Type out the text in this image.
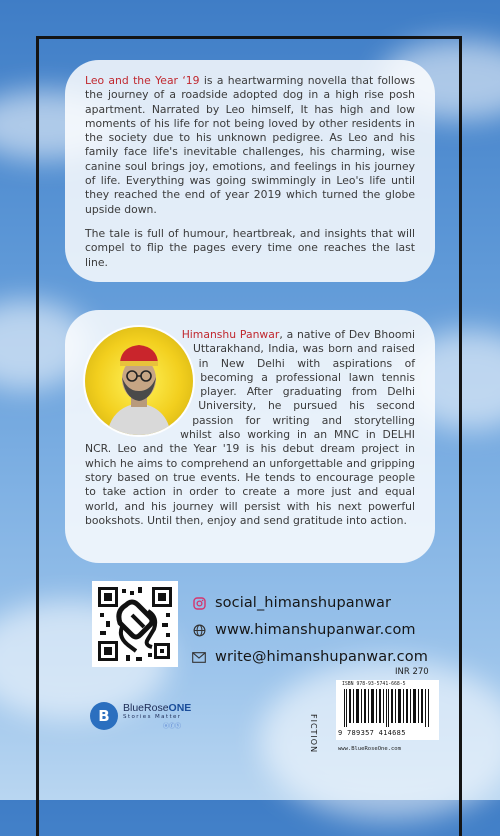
Leo and the Year ‘19 is a heartwarming novella that follows the journey of a roadside adopted dog in a high rise posh apartment. Narrated by Leo himself, It has high and low moments of his life for not being loved by other residents in the society due to his unknown pedigree. As Leo and his family face life's inevitable challenges, his charming, wise canine soul brings joy, emotions, and feelings in his journey of life. Everything was going swimmingly in Leo's life until they reached the end of year 2019 which turned the globe upside down.

The tale is full of humour, heartbreak, and insights that will compel to flip the pages every time one reaches the last line.

Himanshu Panwar, a native of Dev Bhoomi Uttarakhand, India, was born and raised in New Delhi with aspirations of becoming a professional lawn tennis player. After graduating from Delhi University, he pursued his second passion for writing and storytelling whilst also working in an MNC in DELHI NCR. Leo and the Year '19 is his debut dream project in which he aims to comprehend an unforgettable and gripping story based on true events. He tends to encourage people to take action in order to create a more just and equal world, and his journey will persist with his next powerful bookshots. Until then, enjoy and send gratitude into action.

social_himanshupanwar
www.himanshupanwar.com
write@himanshupanwar.com
B	BlueRoseONE
Stories Matter
ⓞⓕⓨ
INR 270
FICTION
ISBN 978-93-5741-668-5
9 789357 414685
www.BlueRoseOne.com
